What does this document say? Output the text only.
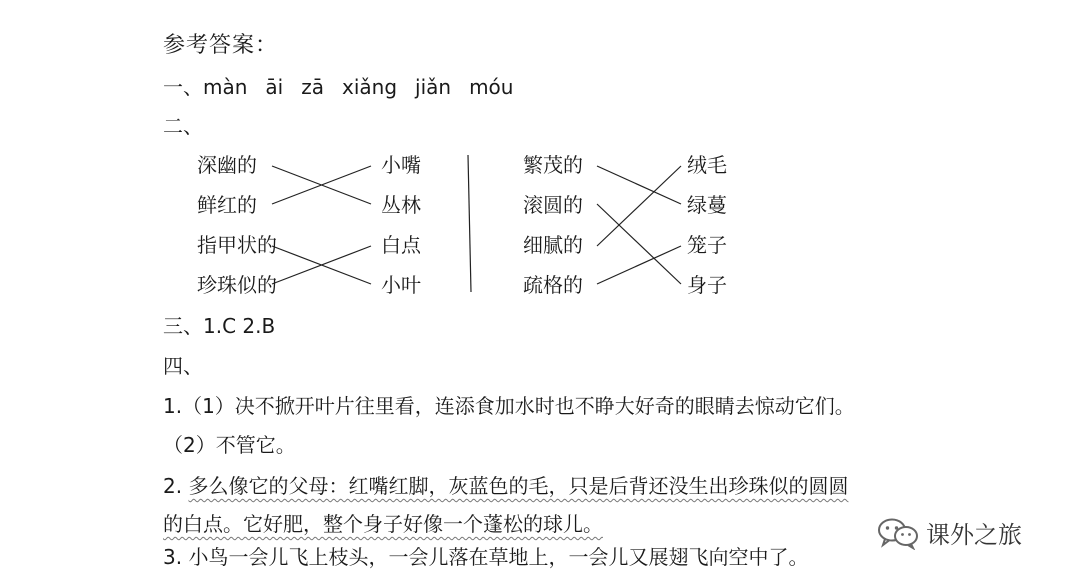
参考答案：
一、màn āi zā xiǎng jiǎn móu
二、
深幽的
鲜红的
指甲状的
珍珠似的
小嘴
丛林
白点
小叶
繁茂的
滚圆的
细腻的
疏格的
绒毛
绿蔓
笼子
身子
三、1.C 2.B
四、
1.（1）决不掀开叶片往里看，连添食加水时也不睁大好奇的眼睛去惊动它们。
（2）不管它。
2. 多么像它的父母：红嘴红脚，灰蓝色的毛，只是后背还没生出珍珠似的圆圆
的白点。它好肥，整个身子好像一个蓬松的球儿。
3. 小鸟一会儿飞上枝头，一会儿落在草地上，一会儿又展翅飞向空中了。
课外之旅
